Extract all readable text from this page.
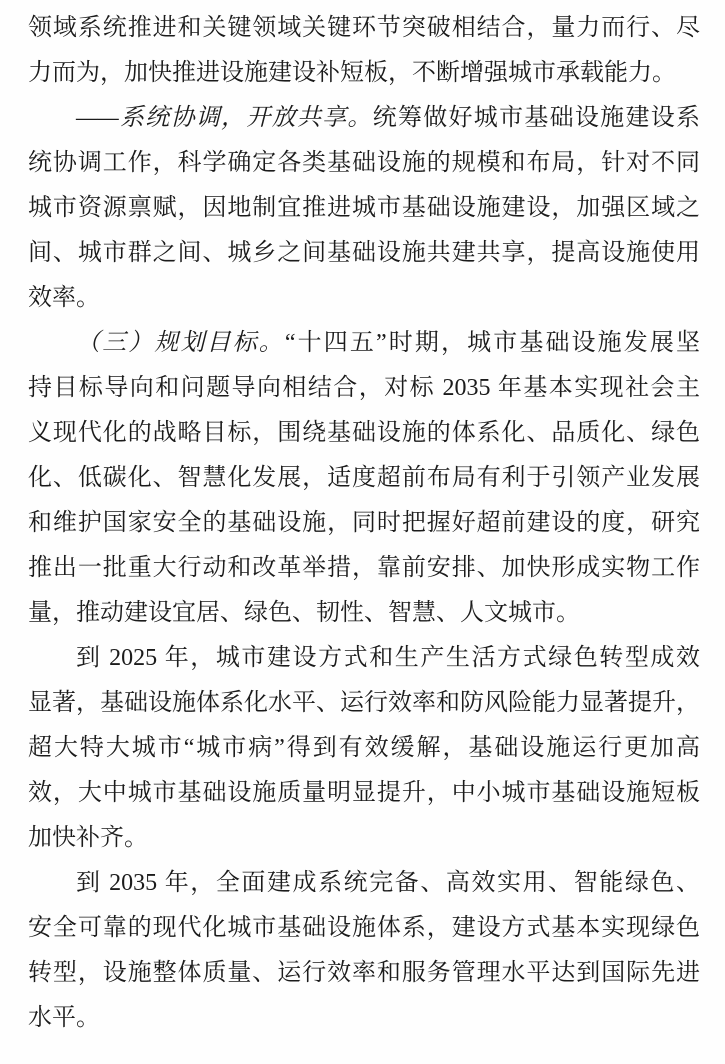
领域系统推进和关键领域关键环节突破相结合，量力而行、尽
力而为，加快推进设施建设补短板，不断增强城市承载能力。
——系统协调，开放共享。统筹做好城市基础设施建设系
统协调工作，科学确定各类基础设施的规模和布局，针对不同
城市资源禀赋，因地制宜推进城市基础设施建设，加强区域之
间、城市群之间、城乡之间基础设施共建共享，提高设施使用
效率。
（三）规划目标。“十四五”时期，城市基础设施发展坚
持目标导向和问题导向相结合，对标 2035 年基本实现社会主
义现代化的战略目标，围绕基础设施的体系化、品质化、绿色
化、低碳化、智慧化发展，适度超前布局有利于引领产业发展
和维护国家安全的基础设施，同时把握好超前建设的度，研究
推出一批重大行动和改革举措，靠前安排、加快形成实物工作
量，推动建设宜居、绿色、韧性、智慧、人文城市。
到 2025 年，城市建设方式和生产生活方式绿色转型成效
显著，基础设施体系化水平、运行效率和防风险能力显著提升，
超大特大城市“城市病”得到有效缓解，基础设施运行更加高
效，大中城市基础设施质量明显提升，中小城市基础设施短板
加快补齐。
到 2035 年，全面建成系统完备、高效实用、智能绿色、
安全可靠的现代化城市基础设施体系，建设方式基本实现绿色
转型，设施整体质量、运行效率和服务管理水平达到国际先进
水平。
